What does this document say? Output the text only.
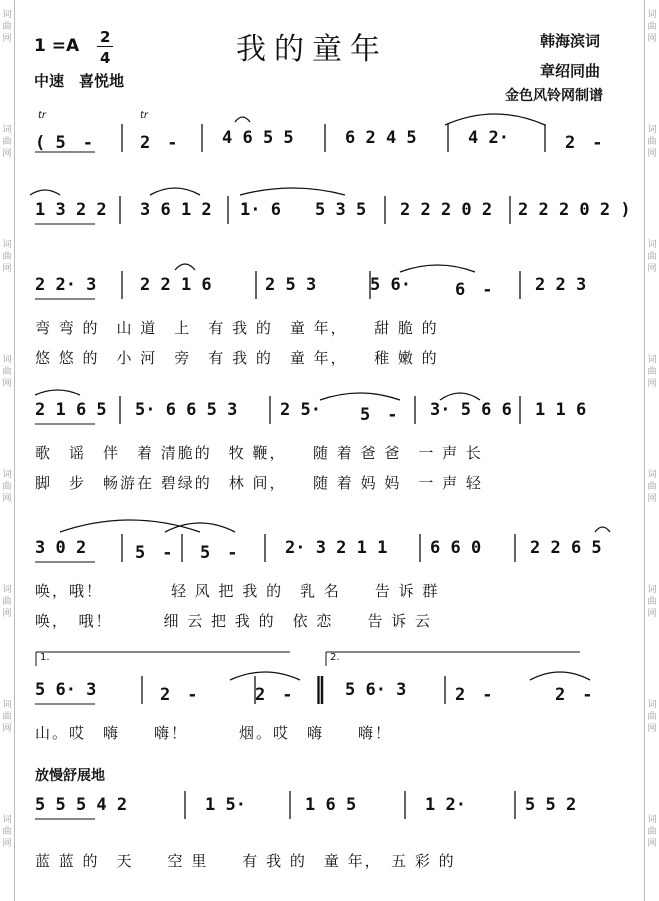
词
曲
网
词
曲
网
词
曲
网
词
曲
网
词
曲
网
词
曲
网
词
曲
网
词
曲
网
词
曲
网
词
曲
网
词
曲
网
词
曲
网
词
曲
网
词
曲
网
词
曲
网
词
曲
网
1 =A 2
4
中速　喜悦地
我的童年	韩海滨词
章绍同曲
金色风铃网制谱
( 5　-	2　-	4 6 5 5	6 2 4 5	4 2·	2　-
tr	tr
1 3 2 2 3 6 1 2 1· 6 5 3 5 2 2 2 0 2 2 2 2 0 2 )
2 2· 3	2 2 1 6	2 5 3	5 6·	6　-	2 2 3
弯 弯 的　山 道　上　有 我 的　童 年，　　甜 脆 的
悠 悠 的　小 河　旁　有 我 的　童 年，　　稚 嫩 的
2 1 6 5 5· 6 6 5 3	2 5· 5　- 3· 5 6 6 1 1 6
歌　谣　伴　着 清脆的　牧 鞭，　　随 着 爸 爸　一 声 长
脚　步　畅游在 碧绿的　林 间，　　随 着 妈 妈　一 声 轻
3 0 2	5　- 5　-	2· 3 2 1 1	6 6 0	2 2 6 5
唤，哦！　　　　轻 风 把 我 的　乳 名　　告 诉 群
唤，　哦！　　　细 云 把 我 的　依 恋　　告 诉 云
5 6· 3	2　-	2　-	5 6· 3	2　-	2　-
山。哎　嗨　　嗨！　　　烟。哎　嗨　　嗨！
1.	2.
5 5 5 4 2	1 5·	1 6 5	1 2·	5 5 2
蓝 蓝 的　天　　空 里　　有 我 的　童 年，　五 彩 的
放慢舒展地
